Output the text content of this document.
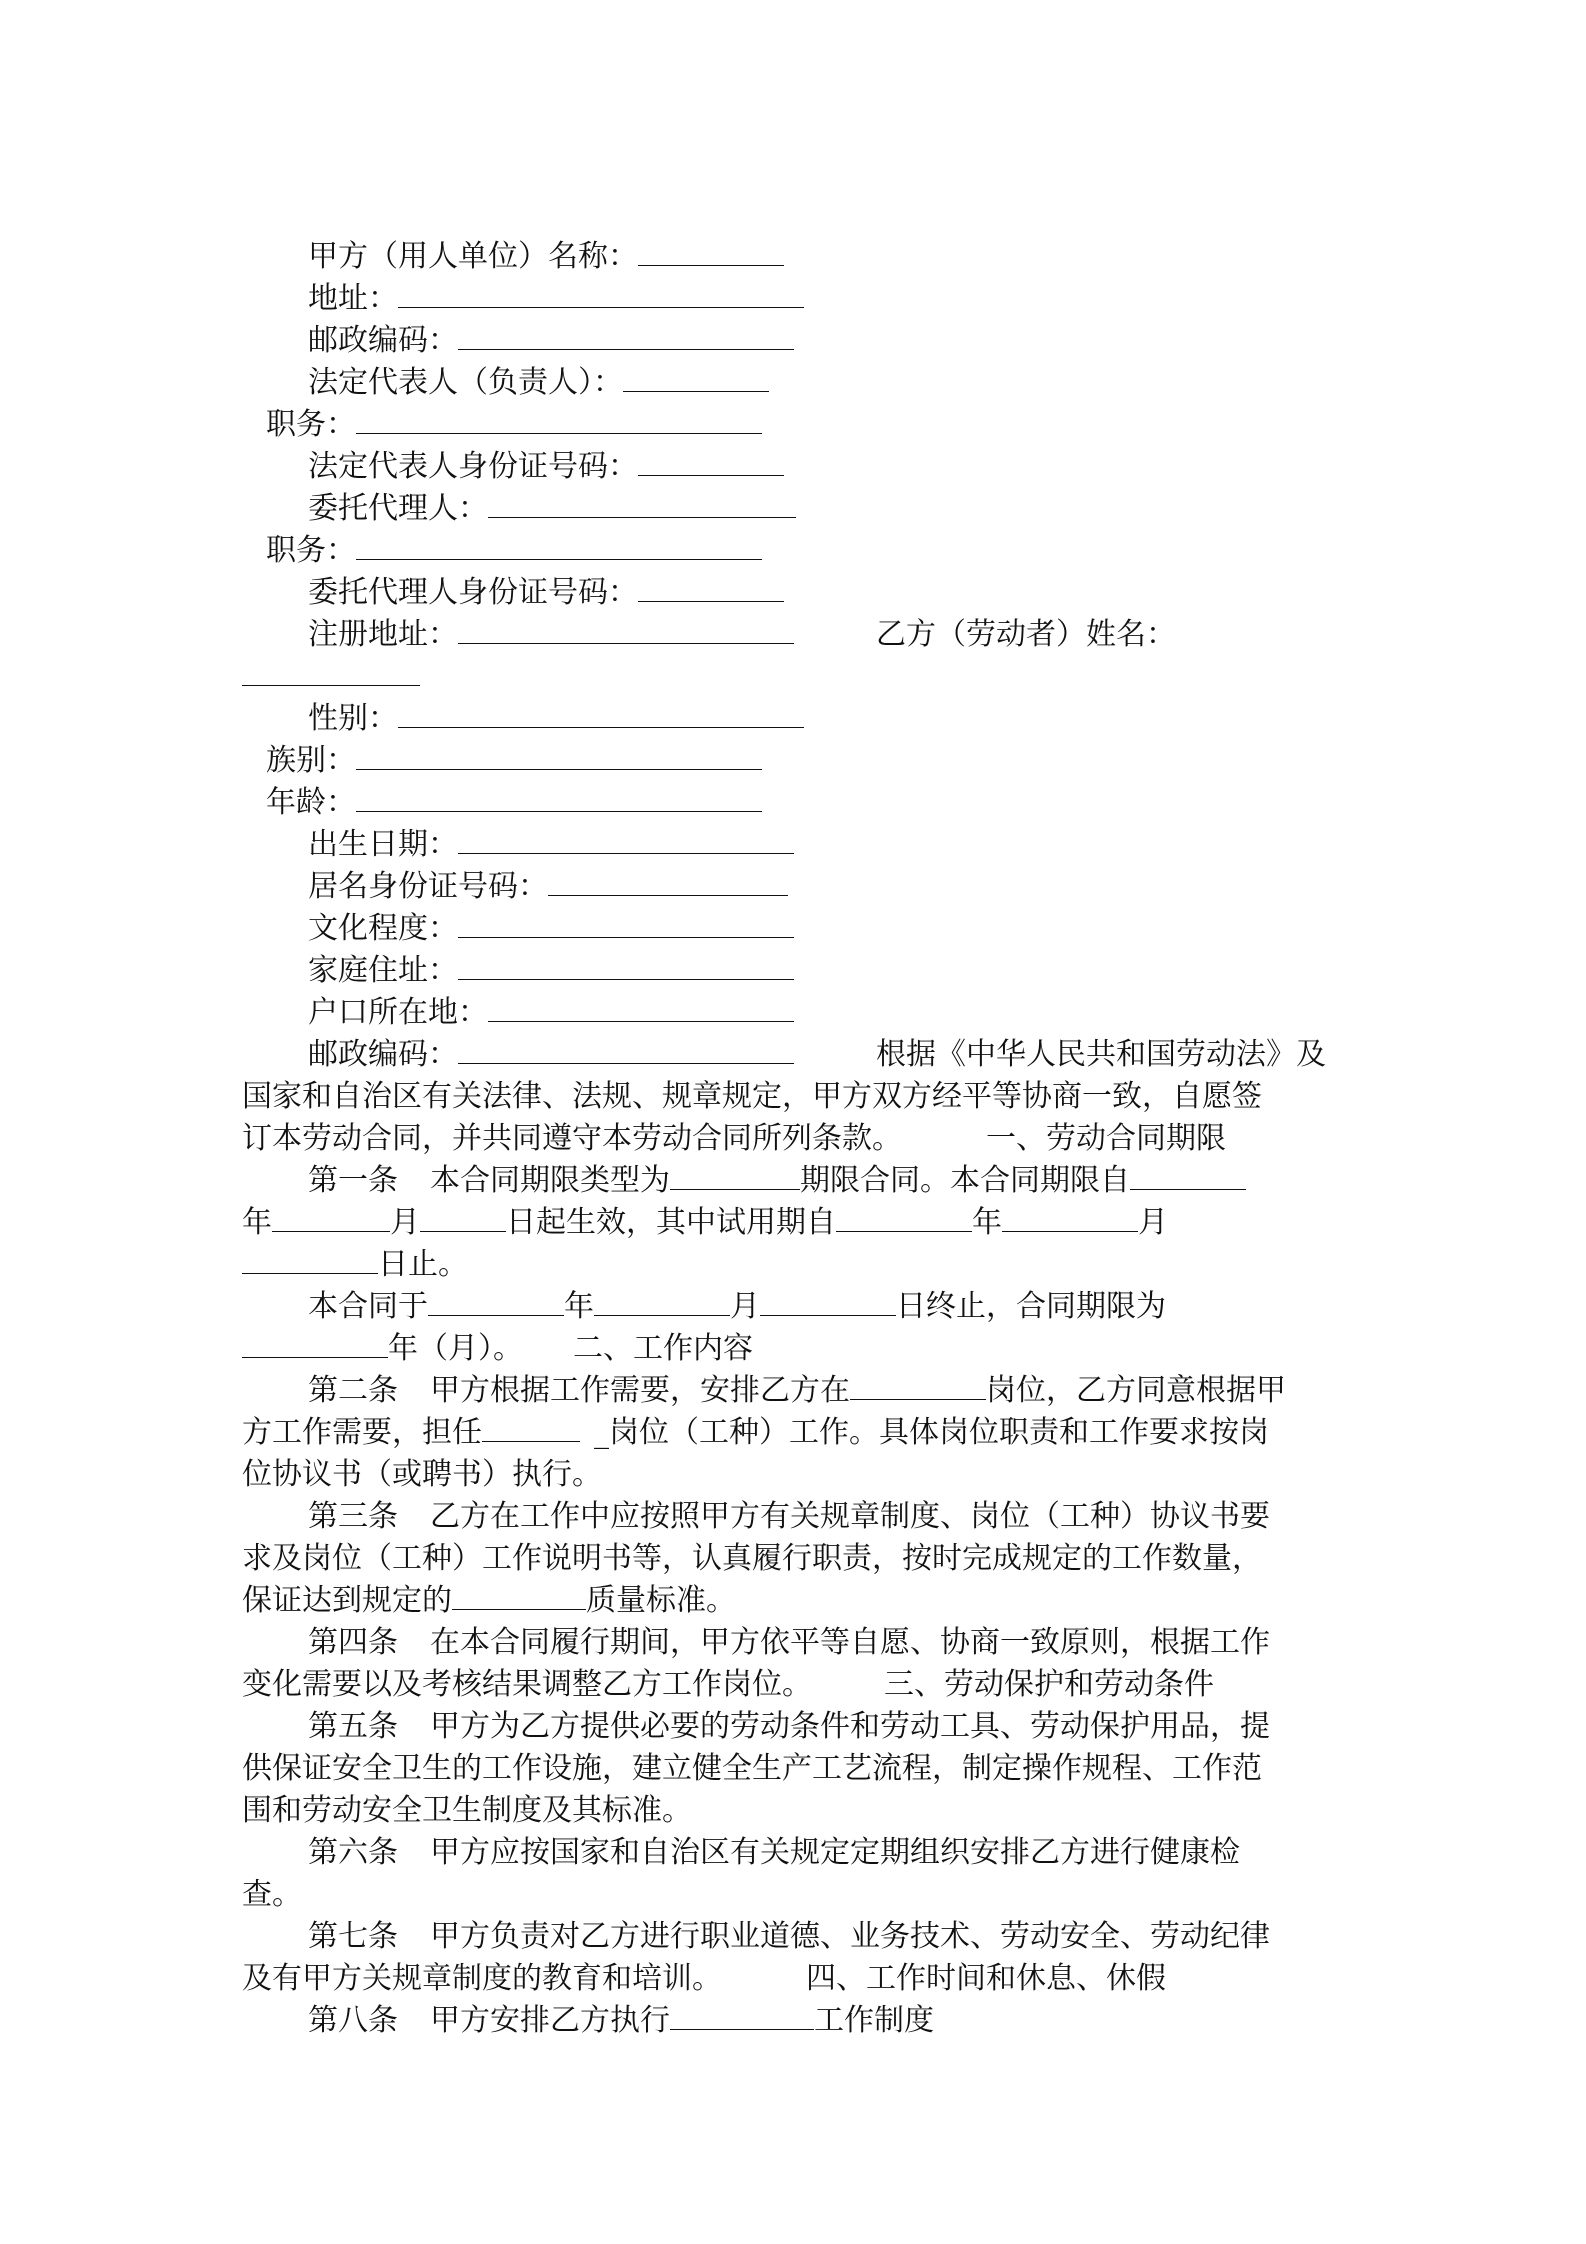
甲方（用人单位）名称：

地址：

邮政编码：

法定代表人（负责人）：

职务：

法定代表人身份证号码：

委托代理人：

职务：

委托代理人身份证号码：

注册地址：	乙方（劳动者）姓名：

性别：

族别：

年龄：

出生日期：

居名身份证号码：

文化程度：

家庭住址：

户口所在地：

邮政编码：	根据《中华人民共和国劳动法》及

国家和自治区有关法律、法规、规章规定，甲方双方经平等协商一致，自愿签

订本劳动合同，并共同遵守本劳动合同所列条款。	一、劳动合同期限

第一条 本合同期限类型为	期限合同。本合同期限自

年	月	日起生效，其中试用期自	年	月

日止。

本合同于	年	月	日终止，合同期限为

年（月）。 二、工作内容

第二条 甲方根据工作需要，安排乙方在	岗位，乙方同意根据甲

方工作需要，担任	_岗位（工种）工作。具体岗位职责和工作要求按岗

位协议书（或聘书）执行。

第三条 乙方在工作中应按照甲方有关规章制度、岗位（工种）协议书要

求及岗位（工种）工作说明书等，认真履行职责，按时完成规定的工作数量，

保证达到规定的	质量标准。

第四条 在本合同履行期间，甲方依平等自愿、协商一致原则，根据工作

变化需要以及考核结果调整乙方工作岗位。 三、劳动保护和劳动条件

第五条 甲方为乙方提供必要的劳动条件和劳动工具、劳动保护用品，提

供保证安全卫生的工作设施，建立健全生产工艺流程，制定操作规程、工作范

围和劳动安全卫生制度及其标准。

第六条 甲方应按国家和自治区有关规定定期组织安排乙方进行健康检

查。

第七条 甲方负责对乙方进行职业道德、业务技术、劳动安全、劳动纪律

及有甲方关规章制度的教育和培训。	四、工作时间和休息、休假

第八条 甲方安排乙方执行	工作制度
